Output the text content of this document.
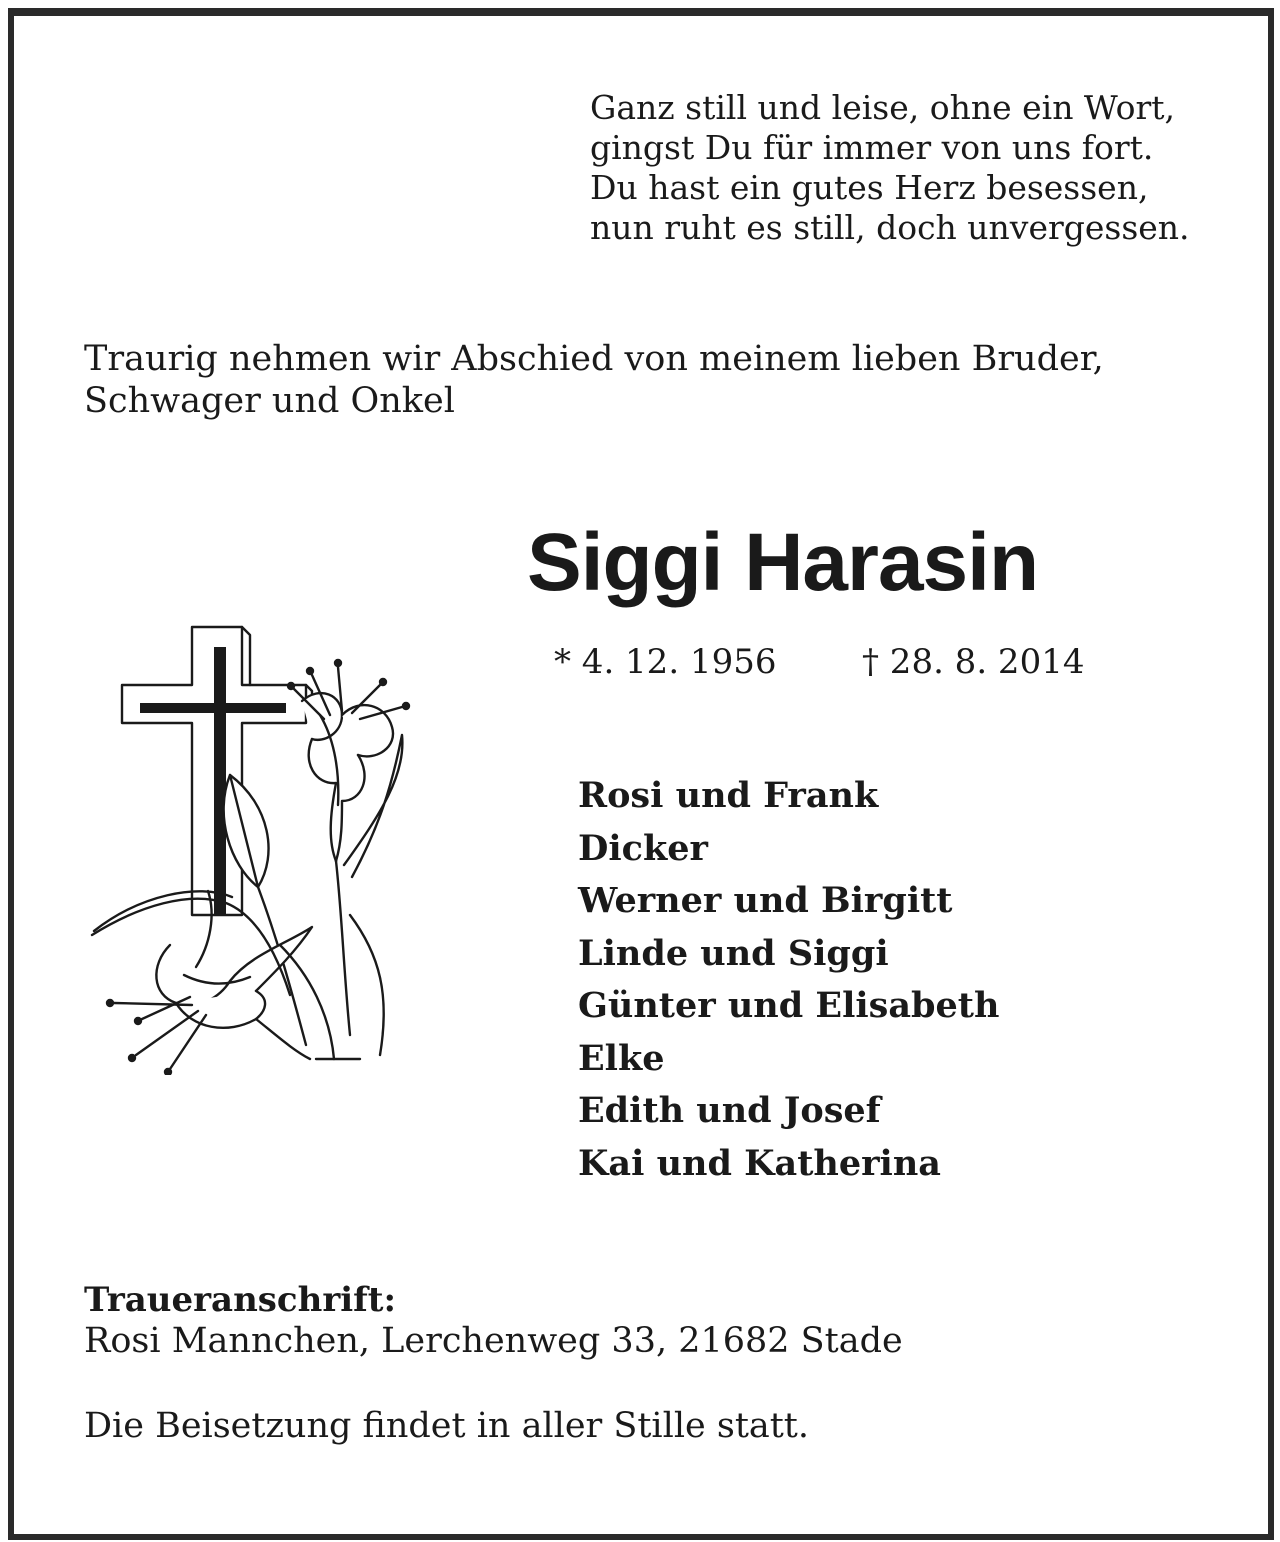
Ganz still und leise, ohne ein Wort,
gingst Du für immer von uns fort.
Du hast ein gutes Herz besessen,
nun ruht es still, doch unvergessen.
Traurig nehmen wir Abschied von meinem lieben Bruder,
Schwager und Onkel
Siggi Harasin
* 4. 12. 1956	† 28. 8. 2014
Rosi und Frank
Dicker
Werner und Birgitt
Linde und Siggi
Günter und Elisabeth
Elke
Edith und Josef
Kai und Katherina
Traueranschrift:
Rosi Mannchen, Lerchenweg 33, 21682 Stade
Die Beisetzung findet in aller Stille statt.
